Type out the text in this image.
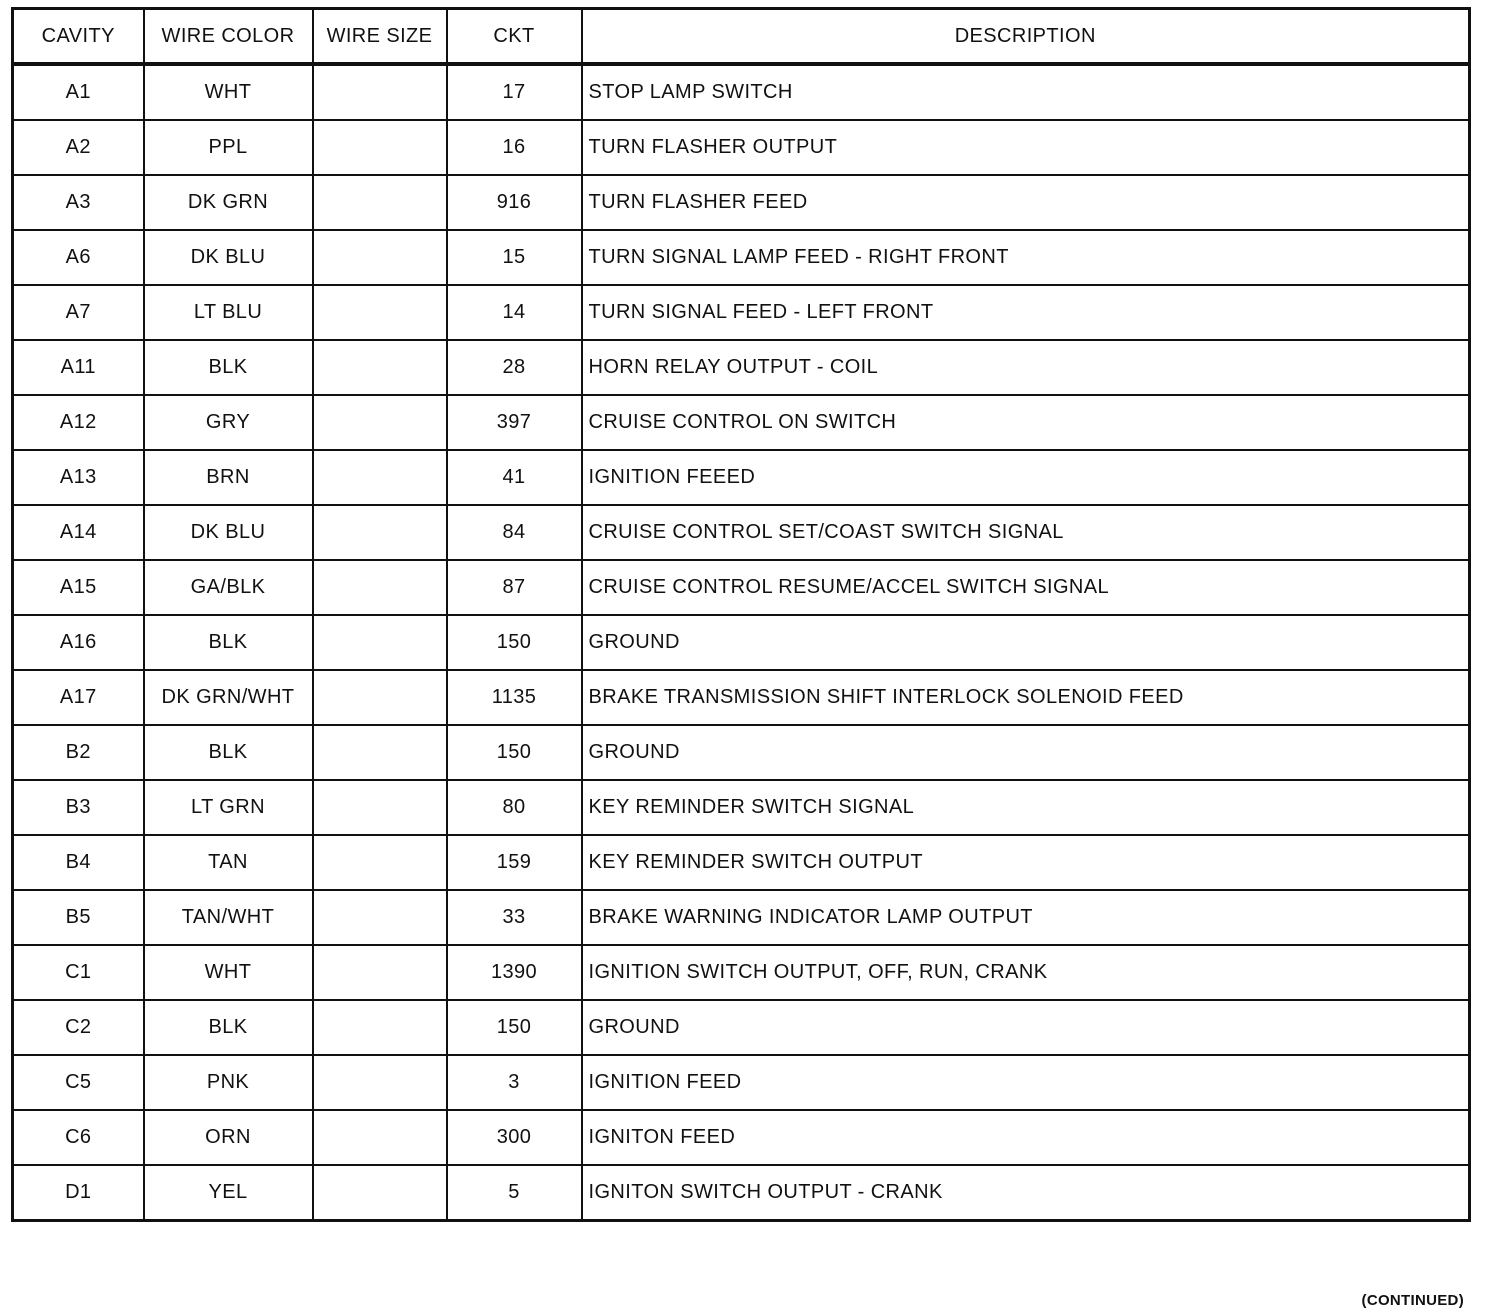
CAVITY	WIRE COLOR	WIRE SIZE	CKT	DESCRIPTION
A1	WHT		17	STOP LAMP SWITCH
A2	PPL		16	TURN FLASHER OUTPUT
A3	DK GRN		916	TURN FLASHER FEED
A6	DK BLU		15	TURN SIGNAL LAMP FEED - RIGHT FRONT
A7	LT BLU		14	TURN SIGNAL FEED - LEFT FRONT
A11	BLK		28	HORN RELAY OUTPUT - COIL
A12	GRY		397	CRUISE CONTROL ON SWITCH
A13	BRN		41	IGNITION FEEED
A14	DK BLU		84	CRUISE CONTROL SET/COAST SWITCH SIGNAL
A15	GA/BLK		87	CRUISE CONTROL RESUME/ACCEL SWITCH SIGNAL
A16	BLK		150	GROUND
A17	DK GRN/WHT		1135	BRAKE TRANSMISSION SHIFT INTERLOCK SOLENOID FEED
B2	BLK		150	GROUND
B3	LT GRN		80	KEY REMINDER SWITCH SIGNAL
B4	TAN		159	KEY REMINDER SWITCH OUTPUT
B5	TAN/WHT		33	BRAKE WARNING INDICATOR LAMP OUTPUT
C1	WHT		1390	IGNITION SWITCH OUTPUT, OFF, RUN, CRANK
C2	BLK		150	GROUND
C5	PNK		3	IGNITION FEED
C6	ORN		300	IGNITON FEED
D1	YEL		5	IGNITON SWITCH OUTPUT - CRANK
(CONTINUED)
